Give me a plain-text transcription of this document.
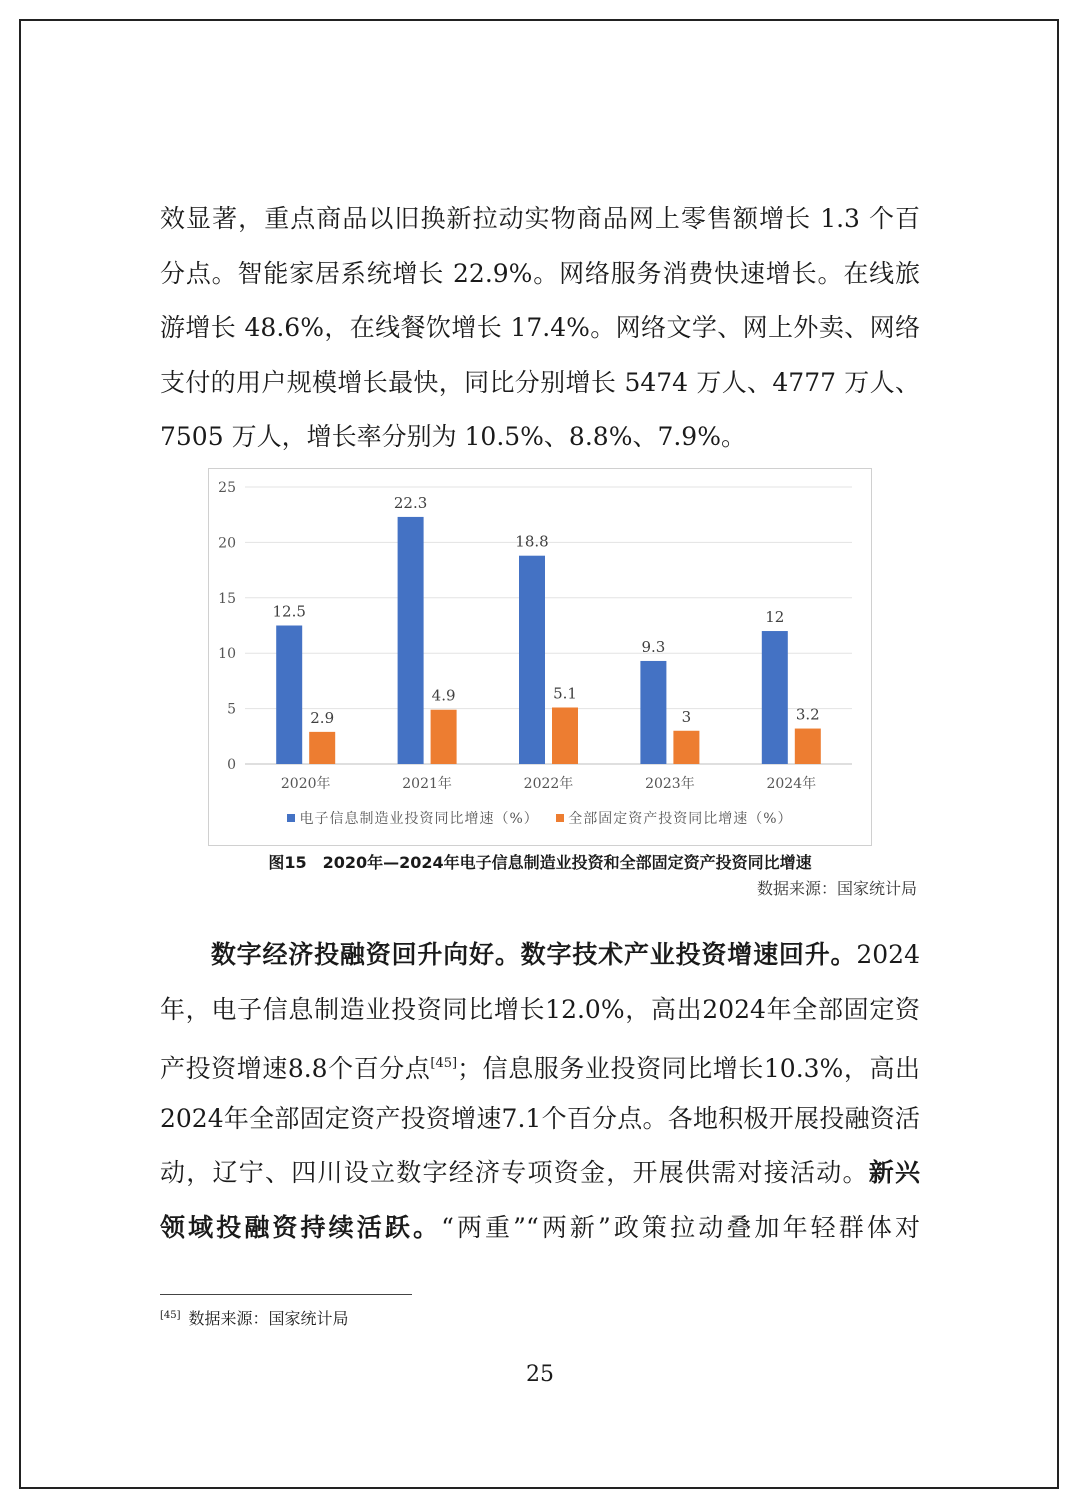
效显著，重点商品以旧换新拉动实物商品网上零售额增长 1.3 个百
分点。智能家居系统增长 22.9%。网络服务消费快速增长。在线旅
游增长 48.6%，在线餐饮增长 17.4%。网络文学、网上外卖、网络
支付的用户规模增长最快，同比分别增长 5474 万人、4777 万人、
7505 万人，增长率分别为 10.5%、8.8%、7.9%。
0
5
10
15
20
25
12.5
2.9
2020年
22.3
4.9
2021年
18.8
5.1
2022年
9.3
3
2023年
12
3.2
2024年
电子信息制造业投资同比增速（%）
全部固定资产投资同比增速（%）
图15　2020年—2024年电子信息制造业投资和全部固定资产投资同比增速
数据来源：国家统计局
数字经济投融资回升向好。数字技术产业投资增速回升。2024
年，电子信息制造业投资同比增长12.0%，高出2024年全部固定资
产投资增速8.8个百分点[45]；信息服务业投资同比增长10.3%，高出
2024年全部固定资产投资增速7.1个百分点。各地积极开展投融资活
动，辽宁、四川设立数字经济专项资金，开展供需对接活动。新兴
领域投融资持续活跃。“两重”“两新”政策拉动叠加年轻群体对
[45] 数据来源：国家统计局
25
